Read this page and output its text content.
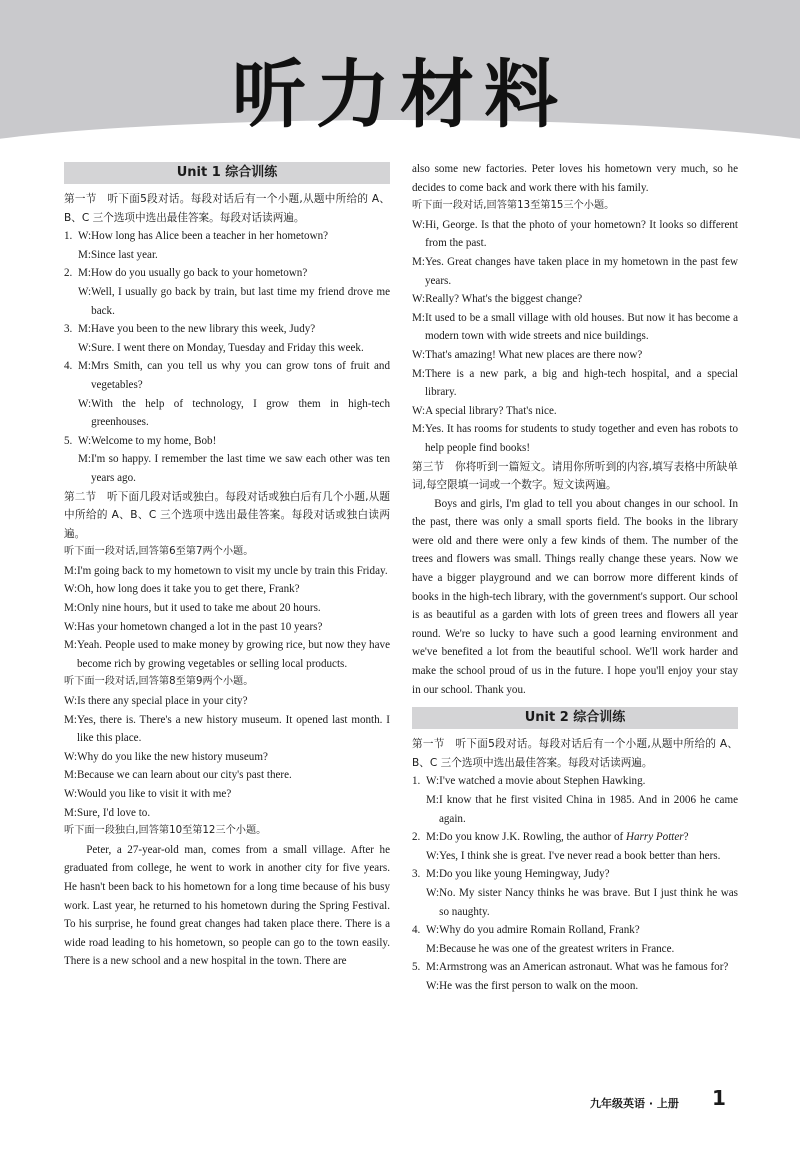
听力材料
Unit 1 综合训练
第一节　听下面5段对话。每段对话后有一个小题,从题中所给的 A、B、C 三个选项中选出最佳答案。每段对话读两遍。
1. W: How long has Alice been a teacher in her hometown?
M: Since last year.
2. M: How do you usually go back to your hometown?
W: Well, I usually go back by train, but last time my friend drove me back.
3. M: Have you been to the new library this week, Judy?
W: Sure. I went there on Monday, Tuesday and Friday this week.
4. M: Mrs Smith, can you tell us why you can grow tons of fruit and vegetables?
W: With the help of technology, I grow them in high-tech greenhouses.
5. W: Welcome to my home, Bob!
M: I'm so happy. I remember the last time we saw each other was ten years ago.
第二节　听下面几段对话或独白。每段对话或独白后有几个小题,从题中所给的 A、B、C 三个选项中选出最佳答案。每段对话或独白读两遍。
听下面一段对话,回答第6至第7两个小题。
M: I'm going back to my hometown to visit my uncle by train this Friday.
W: Oh, how long does it take you to get there, Frank?
M: Only nine hours, but it used to take me about 20 hours.
W: Has your hometown changed a lot in the past 10 years?
M: Yeah. People used to make money by growing rice, but now they have become rich by growing vegetables or selling local products.
听下面一段对话,回答第8至第9两个小题。
W: Is there any special place in your city?
M: Yes, there is. There's a new history museum. It opened last month. I like this place.
W: Why do you like the new history museum?
M: Because we can learn about our city's past there.
W: Would you like to visit it with me?
M: Sure, I'd love to.
听下面一段独白,回答第10至第12三个小题。
Peter, a 27-year-old man, comes from a small village. After he graduated from college, he went to work in another city for five years. He hasn't been back to his hometown for a long time because of his busy work. Last year, he returned to his hometown during the Spring Festival. To his surprise, he found great changes had taken place there. There is a wide road leading to his hometown, so people can go to the town easily. There is a new school and a new hospital in the town. There are
also some new factories. Peter loves his hometown very much, so he decides to come back and work there with his family.
听下面一段对话,回答第13至第15三个小题。
W: Hi, George. Is that the photo of your hometown? It looks so different from the past.
M: Yes. Great changes have taken place in my hometown in the past few years.
W: Really? What's the biggest change?
M: It used to be a small village with old houses. But now it has become a modern town with wide streets and nice buildings.
W: That's amazing! What new places are there now?
M: There is a new park, a big and high-tech hospital, and a special library.
W: A special library? That's nice.
M: Yes. It has rooms for students to study together and even has robots to help people find books!
第三节　你将听到一篇短文。请用你所听到的内容,填写表格中所缺单词,每空限填一词或一个数字。短文读两遍。
Boys and girls, I'm glad to tell you about changes in our school. In the past, there was only a small sports field. The books in the library were old and there were only a few kinds of them. The number of the trees and flowers was small. Things really change these years. Now we have a bigger playground and we can borrow more different kinds of books in the high-tech library, with the government's support. Our school is as beautiful as a garden with lots of green trees and flowers all year round. We're so lucky to have such a good learning environment and we've benefited a lot from the beautiful school. We'll work harder and make the school proud of us in the future. I hope you'll enjoy your stay in our school. Thank you.
Unit 2 综合训练
第一节　听下面5段对话。每段对话后有一个小题,从题中所给的 A、B、C 三个选项中选出最佳答案。每段对话读两遍。
1. W: I've watched a movie about Stephen Hawking.
M: I know that he first visited China in 1985. And in 2006 he came again.
2. M: Do you know J.K. Rowling, the author of Harry Potter?
W: Yes, I think she is great. I've never read a book better than hers.
3. M: Do you like young Hemingway, Judy?
W: No. My sister Nancy thinks he was brave. But I just think he was so naughty.
4. W: Why do you admire Romain Rolland, Frank?
M: Because he was one of the greatest writers in France.
5. M: Armstrong was an American astronaut. What was he famous for?
W: He was the first person to walk on the moon.
九年级英语 · 上册 1
